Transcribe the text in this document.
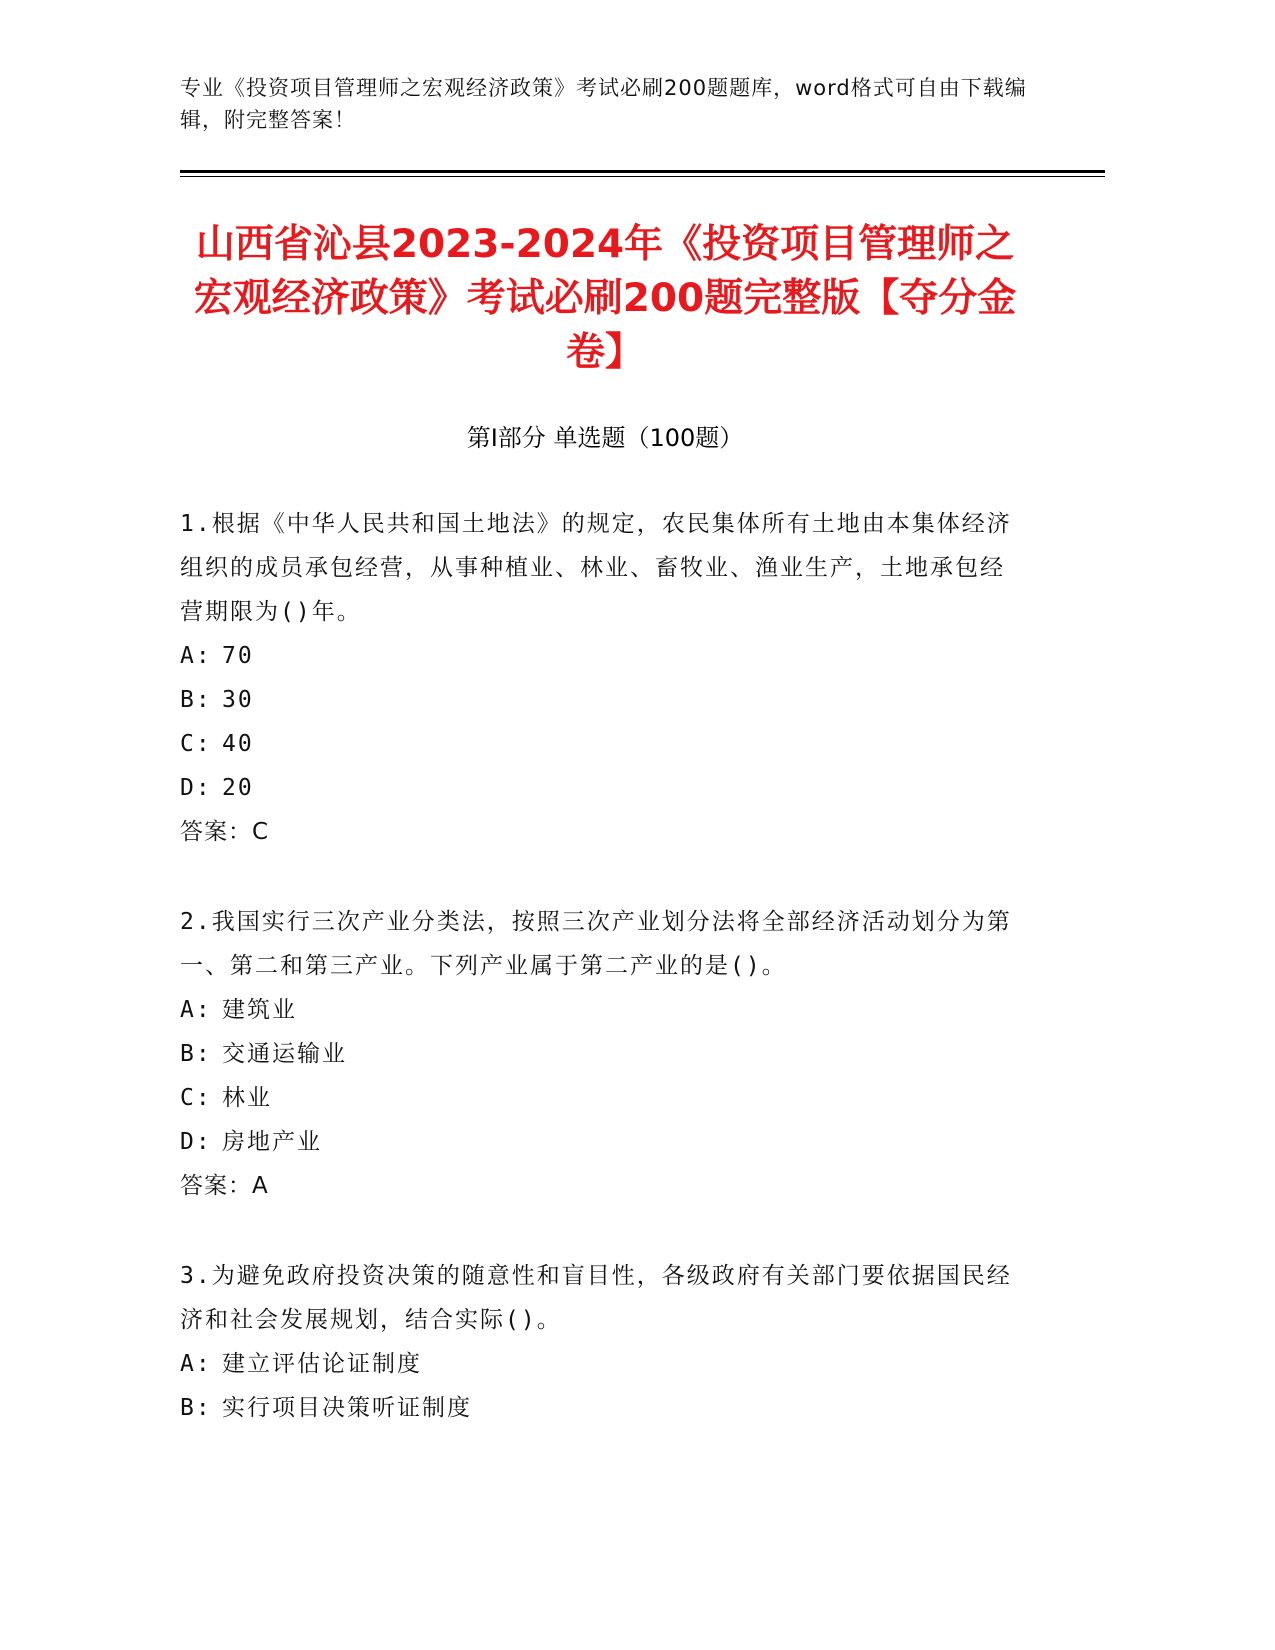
专业《投资项目管理师之宏观经济政策》考试必刷200题题库，word格式可自由下载编辑，附完整答案！
山西省沁县2023-2024年《投资项目管理师之宏观经济政策》考试必刷200题完整版【夺分金卷】
第I部分 单选题（100题）
1.根据《中华人民共和国土地法》的规定，农民集体所有土地由本集体经济组织的成员承包经营，从事种植业、林业、畜牧业、渔业生产，土地承包经营期限为()年。
A: 70
B: 30
C: 40
D: 20
答案：C
2.我国实行三次产业分类法，按照三次产业划分法将全部经济活动划分为第一、第二和第三产业。下列产业属于第二产业的是()。
A: 建筑业
B: 交通运输业
C: 林业
D: 房地产业
答案：A
3.为避免政府投资决策的随意性和盲目性，各级政府有关部门要依据国民经济和社会发展规划，结合实际()。
A: 建立评估论证制度
B: 实行项目决策听证制度
